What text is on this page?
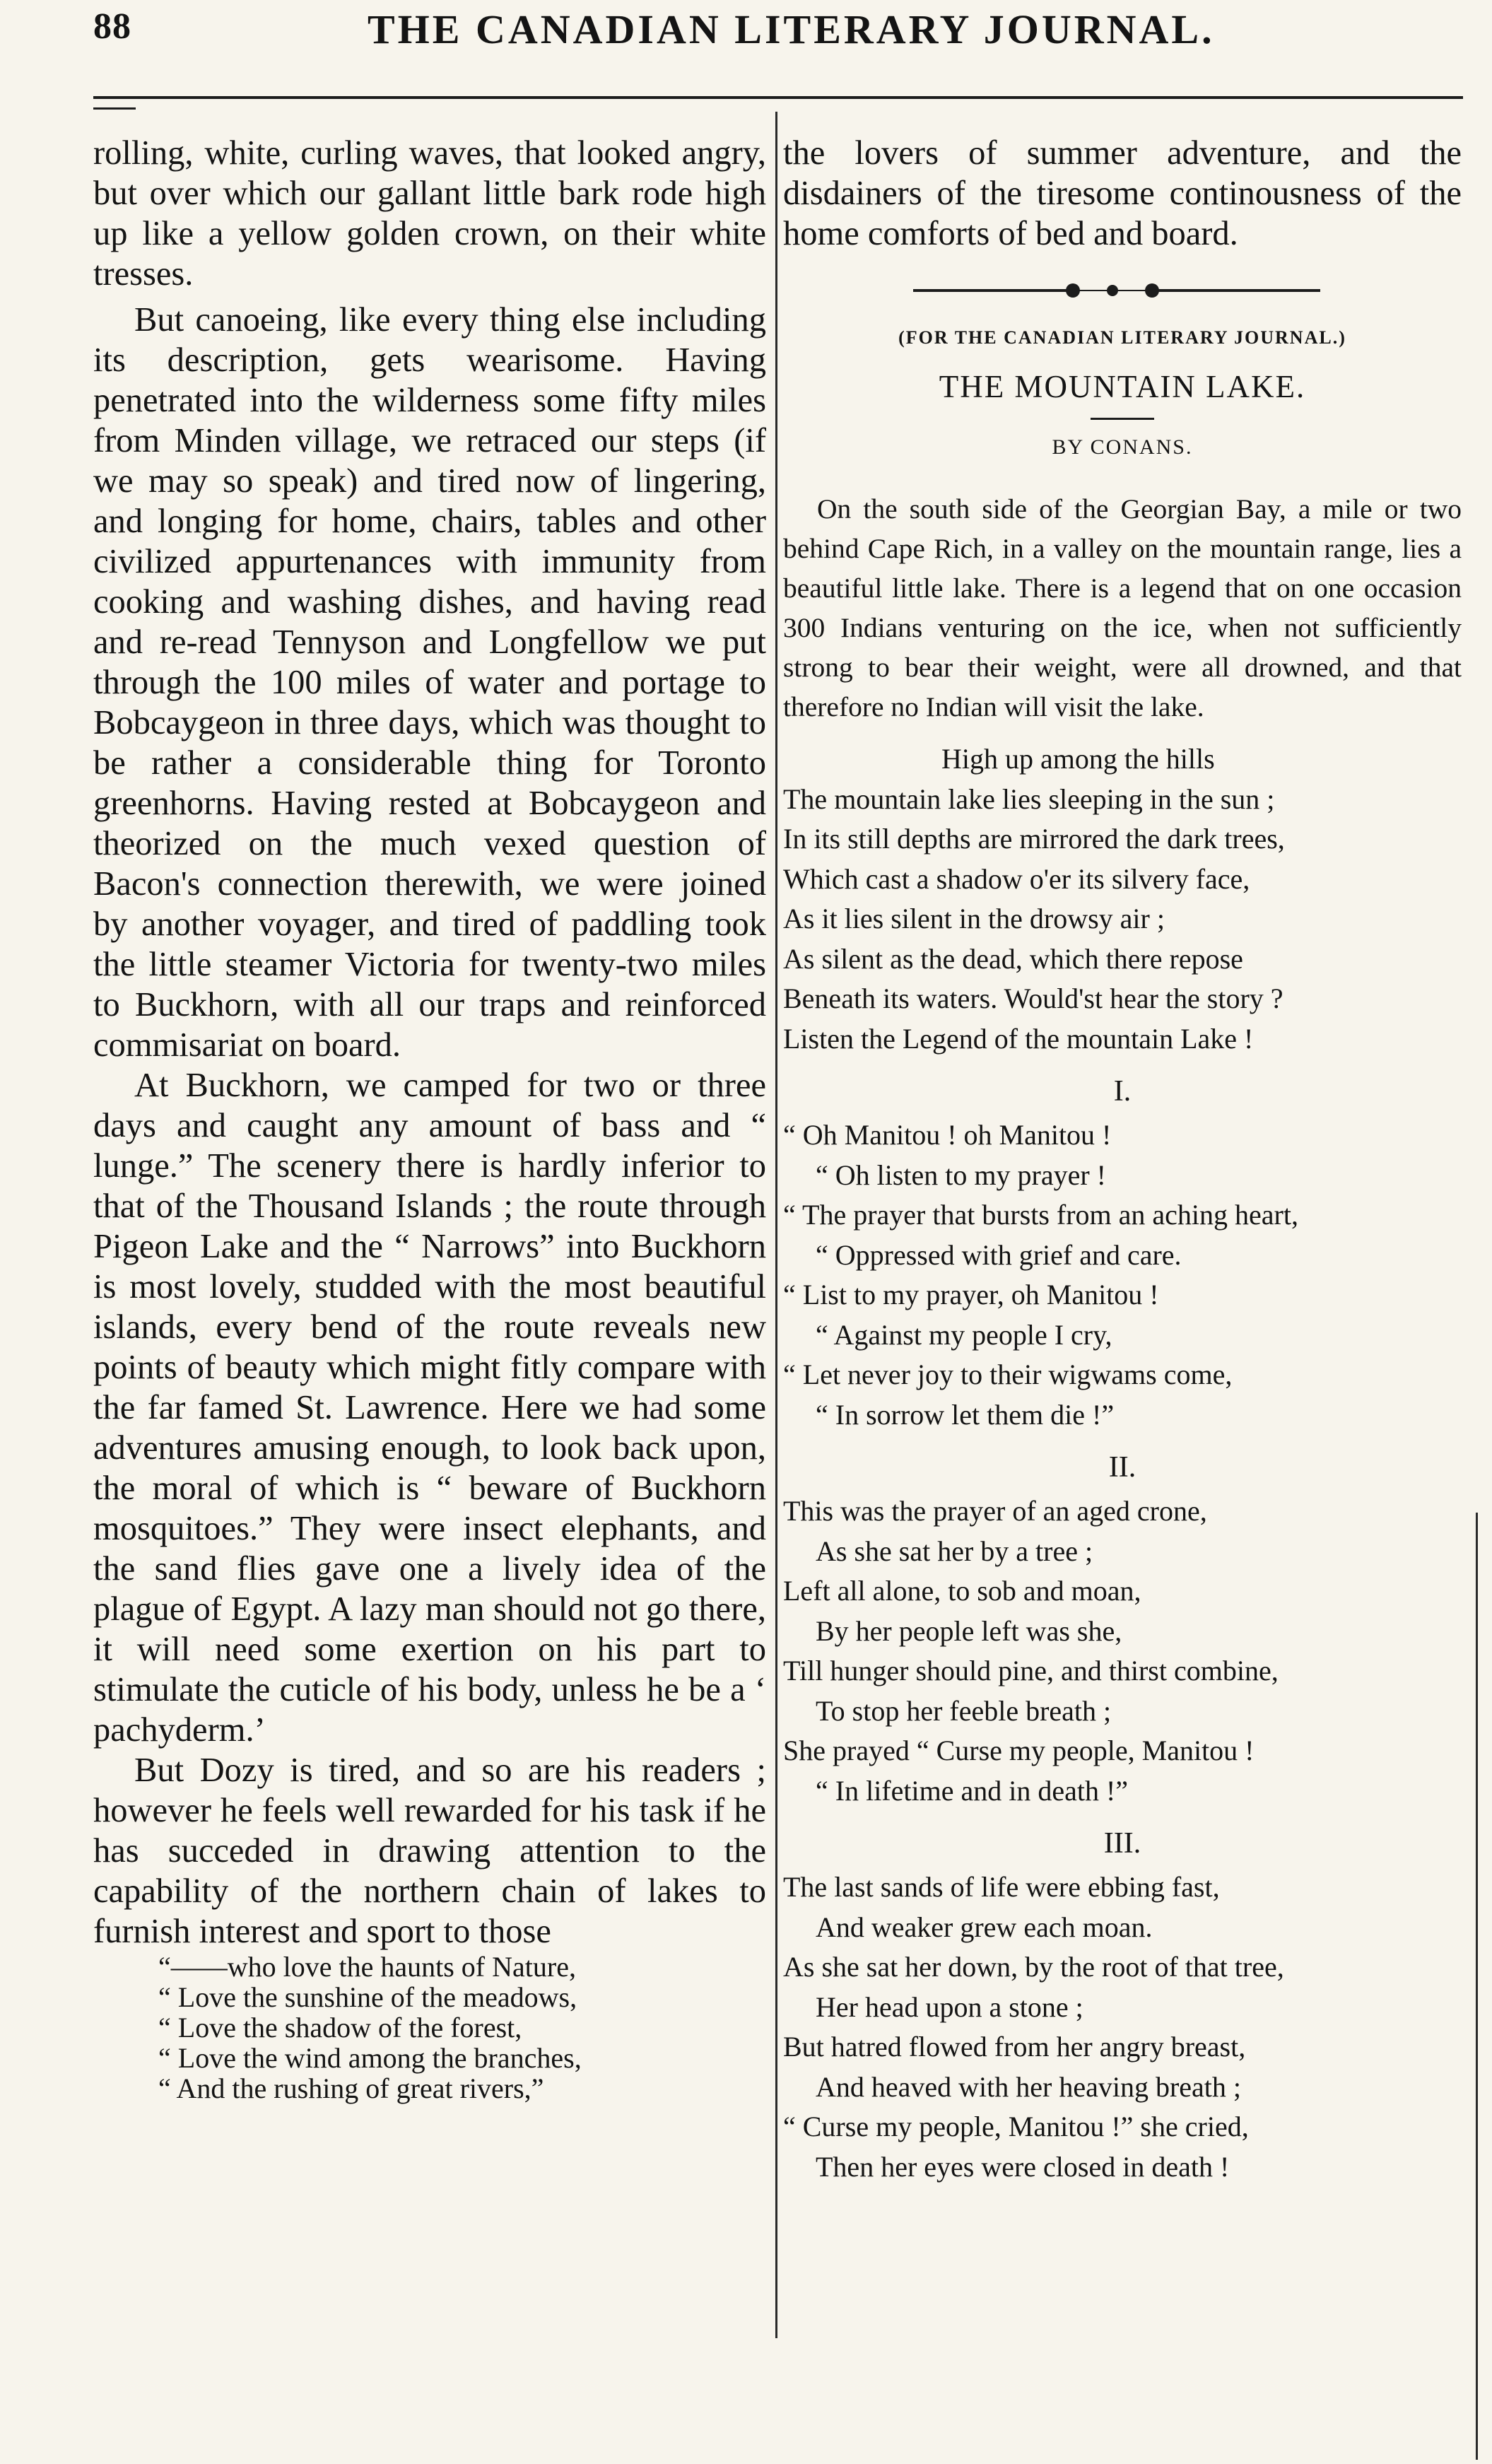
88	THE CANADIAN LITERARY JOURNAL.

rolling, white, curling waves, that looked angry, but over which our gallant little bark rode high up like a yellow golden crown, on their white tresses.

But canoeing, like every thing else including its description, gets wearisome. Having penetrated into the wilderness some fifty miles from Minden village, we retraced our steps (if we may so speak) and tired now of lingering, and longing for home, chairs, tables and other civilized appurtenances with immunity from cooking and washing dishes, and having read and re-read Tennyson and Longfellow we put through the 100 miles of water and portage to Bobcaygeon in three days, which was thought to be rather a considerable thing for Toronto greenhorns. Having rested at Bobcaygeon and theorized on the much vexed question of Bacon's connection therewith, we were joined by another voyager, and tired of paddling took the little steamer Victoria for twenty-two miles to Buckhorn, with all our traps and reinforced commisariat on board.

At Buckhorn, we camped for two or three days and caught any amount of bass and “ lunge.” The scenery there is hardly inferior to that of the Thousand Islands ; the route through Pigeon Lake and the “ Narrows” into Buckhorn is most lovely, studded with the most beautiful islands, every bend of the route reveals new points of beauty which might fitly compare with the far famed St. Lawrence. Here we had some adventures amusing enough, to look back upon, the moral of which is “ beware of Buckhorn mosquitoes.” They were insect elephants, and the sand flies gave one a lively idea of the plague of Egypt. A lazy man should not go there, it will need some exertion on his part to stimulate the cuticle of his body, unless he be a ‘ pachyderm.’

But Dozy is tired, and so are his readers ; however he feels well rewarded for his task if he has succeded in drawing attention to the capability of the northern chain of lakes to furnish interest and sport to those

“——who love the haunts of Nature,
“ Love the sunshine of the meadows,
“ Love the shadow of the forest,
“ Love the wind among the branches,
“ And the rushing of great rivers,”

the lovers of summer adventure, and the disdainers of the tiresome continousness of the home comforts of bed and board.

(FOR THE CANADIAN LITERARY JOURNAL.)
THE MOUNTAIN LAKE.
BY CONANS.

On the south side of the Georgian Bay, a mile or two behind Cape Rich, in a valley on the mountain range, lies a beautiful little lake. There is a legend that on one occasion 300 Indians venturing on the ice, when not sufficiently strong to bear their weight, were all drowned, and that therefore no Indian will visit the lake.

High up among the hills
The mountain lake lies sleeping in the sun ;
In its still depths are mirrored the dark trees,
Which cast a shadow o'er its silvery face,
As it lies silent in the drowsy air ;
As silent as the dead, which there repose
Beneath its waters. Would'st hear the story ?
Listen the Legend of the mountain Lake !
I.
“ Oh Manitou ! oh Manitou !
“ Oh listen to my prayer !
“ The prayer that bursts from an aching heart,
“ Oppressed with grief and care.
“ List to my prayer, oh Manitou !
“ Against my people I cry,
“ Let never joy to their wigwams come,
“ In sorrow let them die !”
II.
This was the prayer of an aged crone,
As she sat her by a tree ;
Left all alone, to sob and moan,
By her people left was she,
Till hunger should pine, and thirst combine,
To stop her feeble breath ;
She prayed “ Curse my people, Manitou !
“ In lifetime and in death !”
III.
The last sands of life were ebbing fast,
And weaker grew each moan.
As she sat her down, by the root of that tree,
Her head upon a stone ;
But hatred flowed from her angry breast,
And heaved with her heaving breath ;
“ Curse my people, Manitou !” she cried,
Then her eyes were closed in death !
